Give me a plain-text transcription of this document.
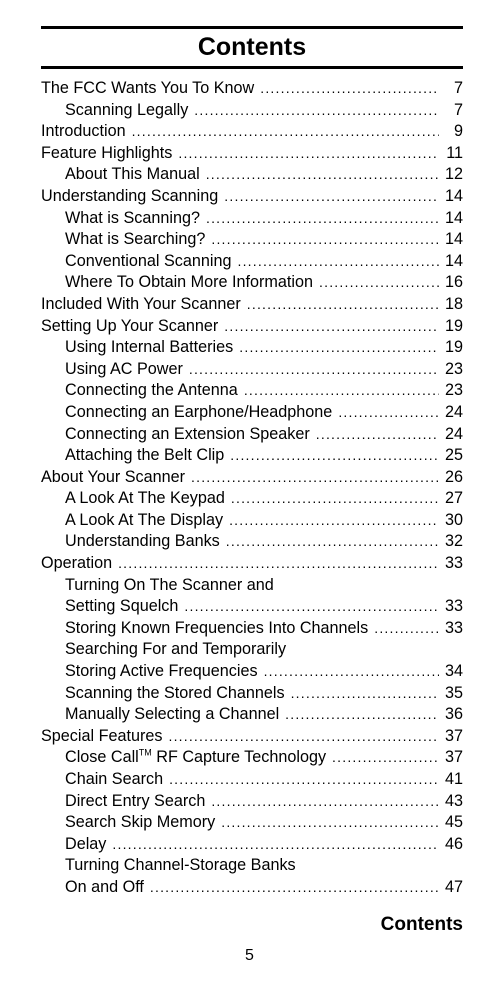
Contents
The FCC Wants You To Know .....	7
Scanning Legally .....	7
Introduction .....	9
Feature Highlights .....	11
About This Manual .....	12
Understanding Scanning .....	14
What is Scanning? .....	14
What is Searching? .....	14
Conventional Scanning .....	14
Where To Obtain More Information .....	16
Included With Your Scanner .....	18
Setting Up Your Scanner .....	19
Using Internal Batteries .....	19
Using AC Power .....	23
Connecting the Antenna .....	23
Connecting an Earphone/Headphone .....	24
Connecting an Extension Speaker .....	24
Attaching the Belt Clip .....	25
About Your Scanner .....	26
A Look At The Keypad .....	27
A Look At The Display .....	30
Understanding Banks .....	32
Operation .....	33
Turning On The Scanner and
Setting Squelch .....	33
Storing Known Frequencies Into Channels .....	33
Searching For and Temporarily
Storing Active Frequencies .....	34
Scanning the Stored Channels .....	35
Manually Selecting a Channel .....	36
Special Features .....	37
Close Call™ RF Capture Technology .....	37
Chain Search .....	41
Direct Entry Search .....	43
Search Skip Memory .....	45
Delay .....	46
Turning Channel-Storage Banks
On and Off .....	47
Contents
5
